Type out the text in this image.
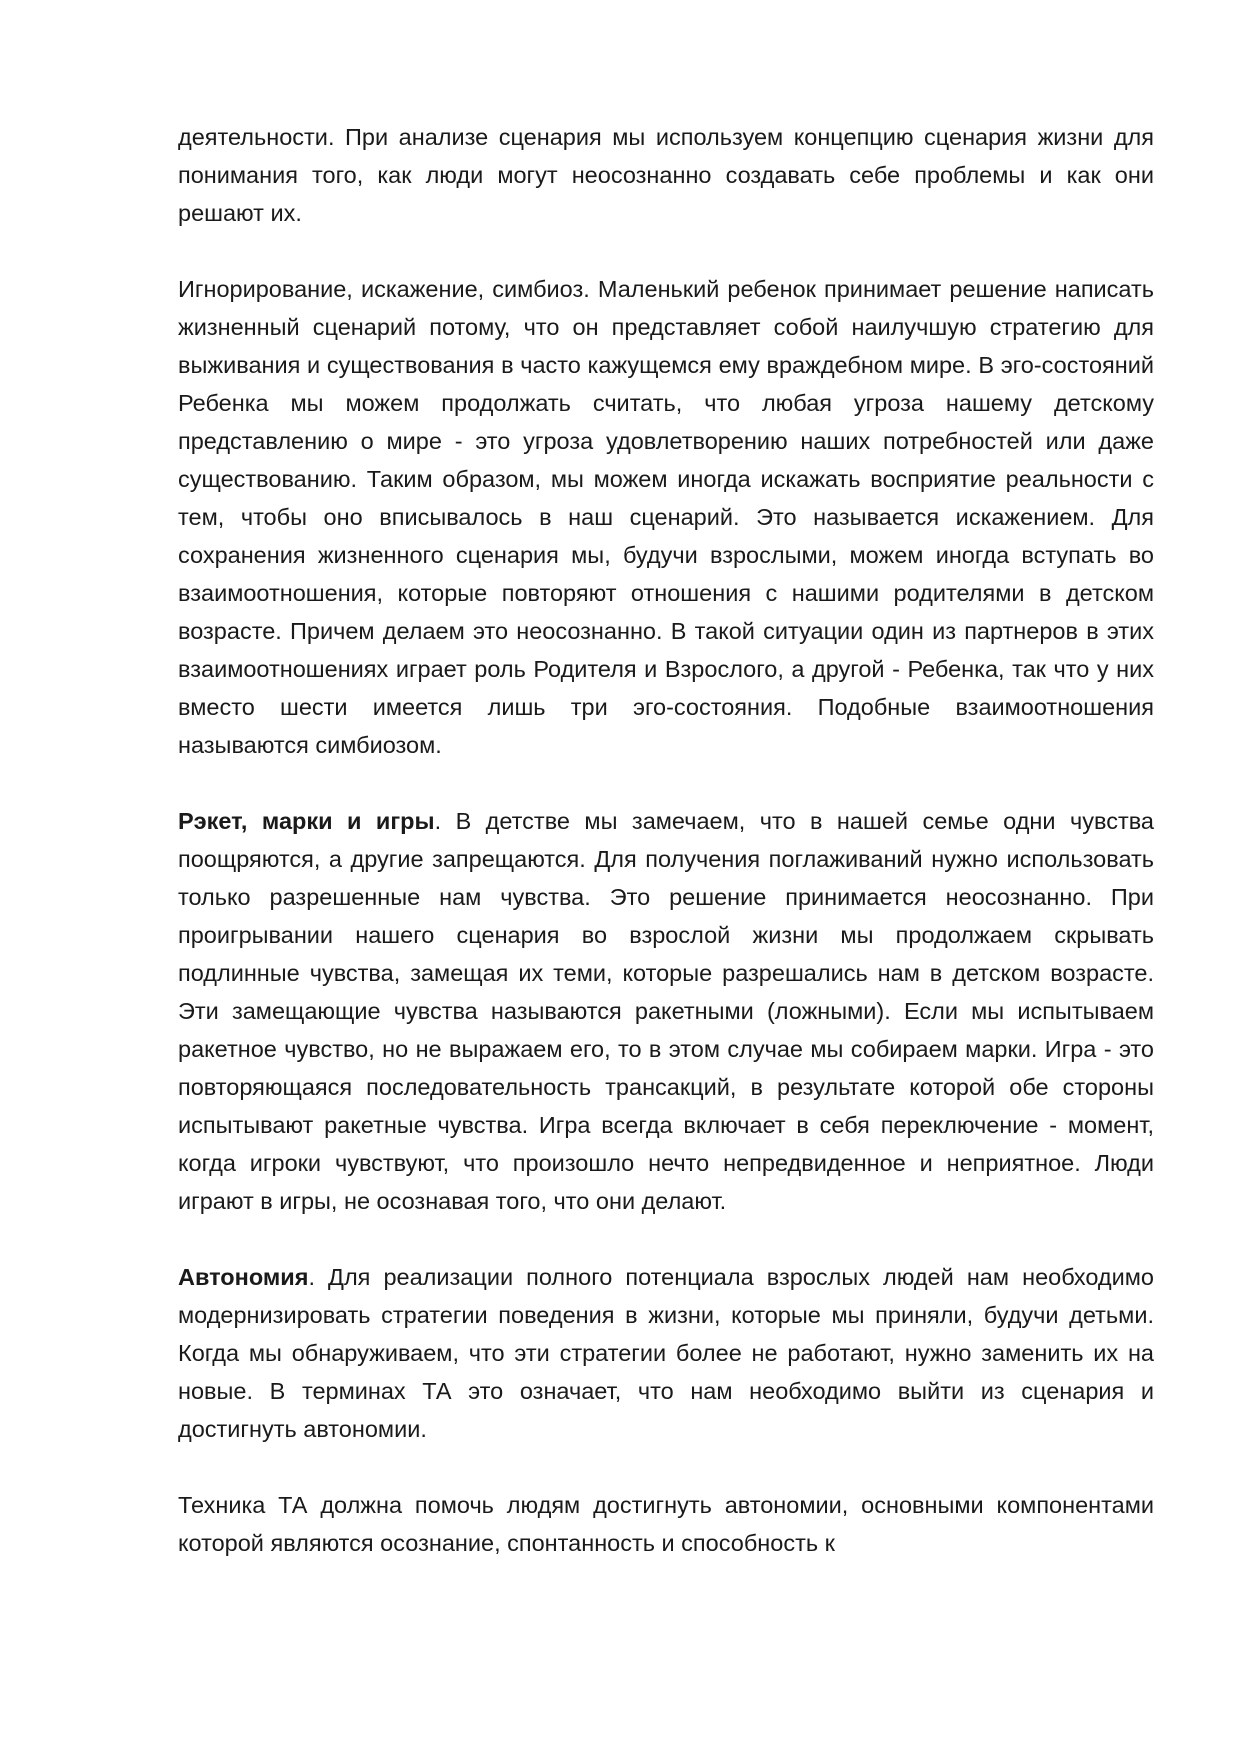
деятельности. При анализе сценария мы используем концепцию сценария жизни для понимания того, как люди могут неосознанно создавать себе проблемы и как они решают их.

Игнорирование, искажение, симбиоз. Маленький ребенок принимает решение написать жизненный сценарий потому, что он представляет собой наилучшую стратегию для выживания и существования в часто кажущемся ему враждебном мире. В эго-состояний Ребенка мы можем продолжать считать, что любая угроза нашему детскому представлению о мире - это угроза удовлетворению наших потребностей или даже существованию. Таким образом, мы можем иногда искажать восприятие реальности с тем, чтобы оно вписывалось в наш сценарий. Это называется искажением. Для сохранения жизненного сценария мы, будучи взрослыми, можем иногда вступать во взаимоотношения, которые повторяют отношения с нашими родителями в детском возрасте. Причем делаем это неосознанно. В такой ситуации один из партнеров в этих взаимоотношениях играет роль Родителя и Взрослого, а другой - Ребенка, так что у них вместо шести имеется лишь три эго-состояния. Подобные взаимоотношения называются симбиозом.

Рэкет, марки и игры. В детстве мы замечаем, что в нашей семье одни чувства поощряются, а другие запрещаются. Для получения поглаживаний нужно использовать только разрешенные нам чувства. Это решение принимается неосознанно. При проигрывании нашего сценария во взрослой жизни мы продолжаем скрывать подлинные чувства, замещая их теми, которые разрешались нам в детском возрасте. Эти замещающие чувства называются ракетными (ложными). Если мы испытываем ракетное чувство, но не выражаем его, то в этом случае мы собираем марки. Игра - это повторяющаяся последовательность трансакций, в результате которой обе стороны испытывают ракетные чувства. Игра всегда включает в себя переключение - момент, когда игроки чувствуют, что произошло нечто непредвиденное и неприятное. Люди играют в игры, не осознавая того, что они делают.

Автономия. Для реализации полного потенциала взрослых людей нам необходимо модернизировать стратегии поведения в жизни, которые мы приняли, будучи детьми. Когда мы обнаруживаем, что эти стратегии более не работают, нужно заменить их на новые. В терминах ТА это означает, что нам необходимо выйти из сценария и достигнуть автономии.

Техника ТА должна помочь людям достигнуть автономии, основными компонентами которой являются осознание, спонтанность и способность к
